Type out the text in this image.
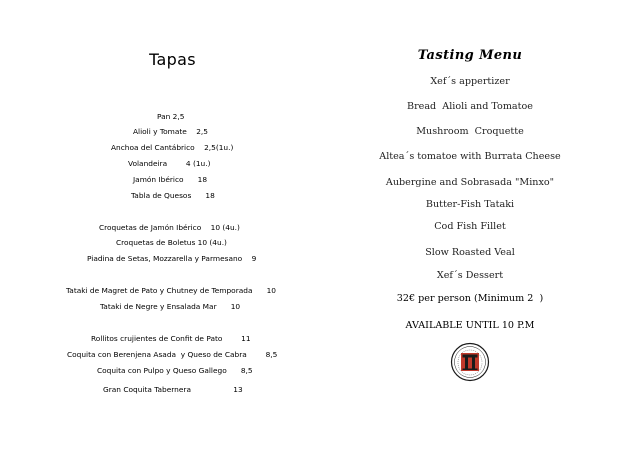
Tapas
Pan 2,5
Alioli y Tomate    2,5
Anchoa del Cantábrico    2,5(1u.)
Volandeira        4 (1u.)
Jamón Ibérico      18
Tabla de Quesos      18
Croquetas de Jamón Ibérico    10 (4u.)
Croquetas de Boletus 10 (4u.)
Piadina de Setas, Mozzarella y Parmesano    9
Tataki de Magret de Pato y Chutney de Temporada      10
Tataki de Negre y Ensalada Mar      10
Rollitos crujientes de Confit de Pato        11
Coquita con Berenjena Asada  y Queso de Cabra        8,5
Coquita con Pulpo y Queso Gallego      8,5
Gran Coquita Tabernera                  13
Tasting Menu
Xef´s appertizer
Bread  Alioli and Tomatoe
Mushroom  Croquette
Altea´s tomatoe with Burrata Cheese
Aubergine and Sobrasada "Minxo"
Butter-Fish Tataki
Cod Fish Fillet
Slow Roasted Veal
Xef´s Dessert
32€ per person (Minimum 2  )
AVAILABLE UNTIL 10 P.M
